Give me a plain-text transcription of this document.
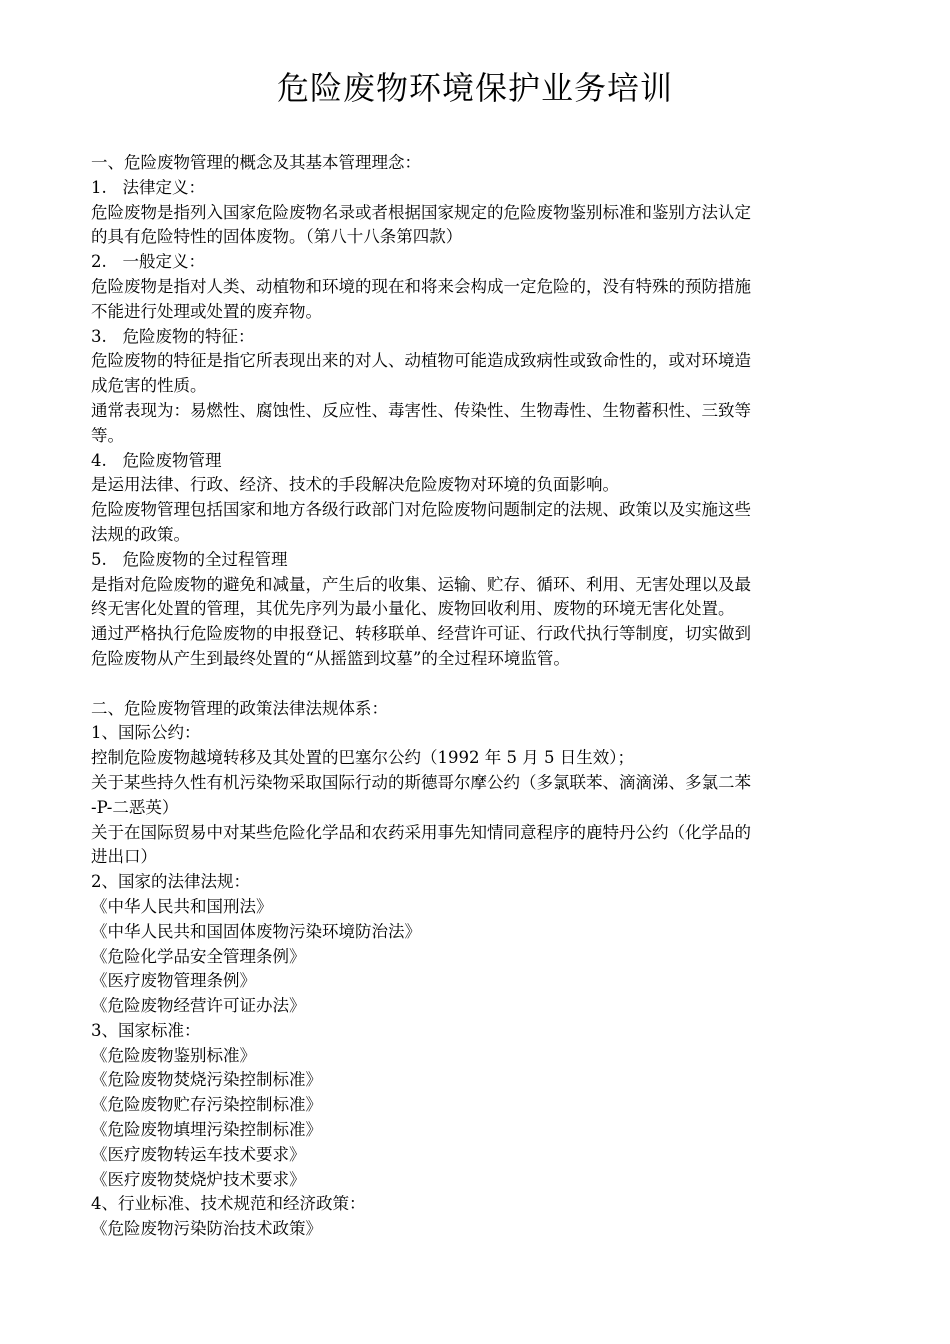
危险废物环境保护业务培训

一、危险废物管理的概念及其基本管理理念：

1.   法律定义：

危险废物是指列入国家危险废物名录或者根据国家规定的危险废物鉴别标准和鉴别方法认定

的具有危险特性的固体废物。（第八十八条第四款）

2.   一般定义：

危险废物是指对人类、动植物和环境的现在和将来会构成一定危险的，没有特殊的预防措施

不能进行处理或处置的废弃物。

3.   危险废物的特征：

危险废物的特征是指它所表现出来的对人、动植物可能造成致病性或致命性的，或对环境造

成危害的性质。

通常表现为：易燃性、腐蚀性、反应性、毒害性、传染性、生物毒性、生物蓄积性、三致等

等。

4.   危险废物管理

是运用法律、行政、经济、技术的手段解决危险废物对环境的负面影响。

危险废物管理包括国家和地方各级行政部门对危险废物问题制定的法规、政策以及实施这些

法规的政策。

5.   危险废物的全过程管理

是指对危险废物的避免和减量，产生后的收集、运输、贮存、循环、利用、无害处理以及最

终无害化处置的管理，其优先序列为最小量化、废物回收利用、废物的环境无害化处置。

通过严格执行危险废物的申报登记、转移联单、经营许可证、行政代执行等制度，切实做到

危险废物从产生到最终处置的“从摇篮到坟墓”的全过程环境监管。

二、危险废物管理的政策法律法规体系：

1、国际公约：

控制危险废物越境转移及其处置的巴塞尔公约（1992 年 5 月 5 日生效）；

关于某些持久性有机污染物采取国际行动的斯德哥尔摩公约（多氯联苯、滴滴涕、多氯二苯

-P-二恶英）

关于在国际贸易中对某些危险化学品和农药采用事先知情同意程序的鹿特丹公约（化学品的

进出口）

2、国家的法律法规：

《中华人民共和国刑法》

《中华人民共和国固体废物污染环境防治法》

《危险化学品安全管理条例》

《医疗废物管理条例》

《危险废物经营许可证办法》

3、国家标准：

《危险废物鉴别标准》

《危险废物焚烧污染控制标准》

《危险废物贮存污染控制标准》

《危险废物填埋污染控制标准》

《医疗废物转运车技术要求》

《医疗废物焚烧炉技术要求》

4、行业标准、技术规范和经济政策：

《危险废物污染防治技术政策》
